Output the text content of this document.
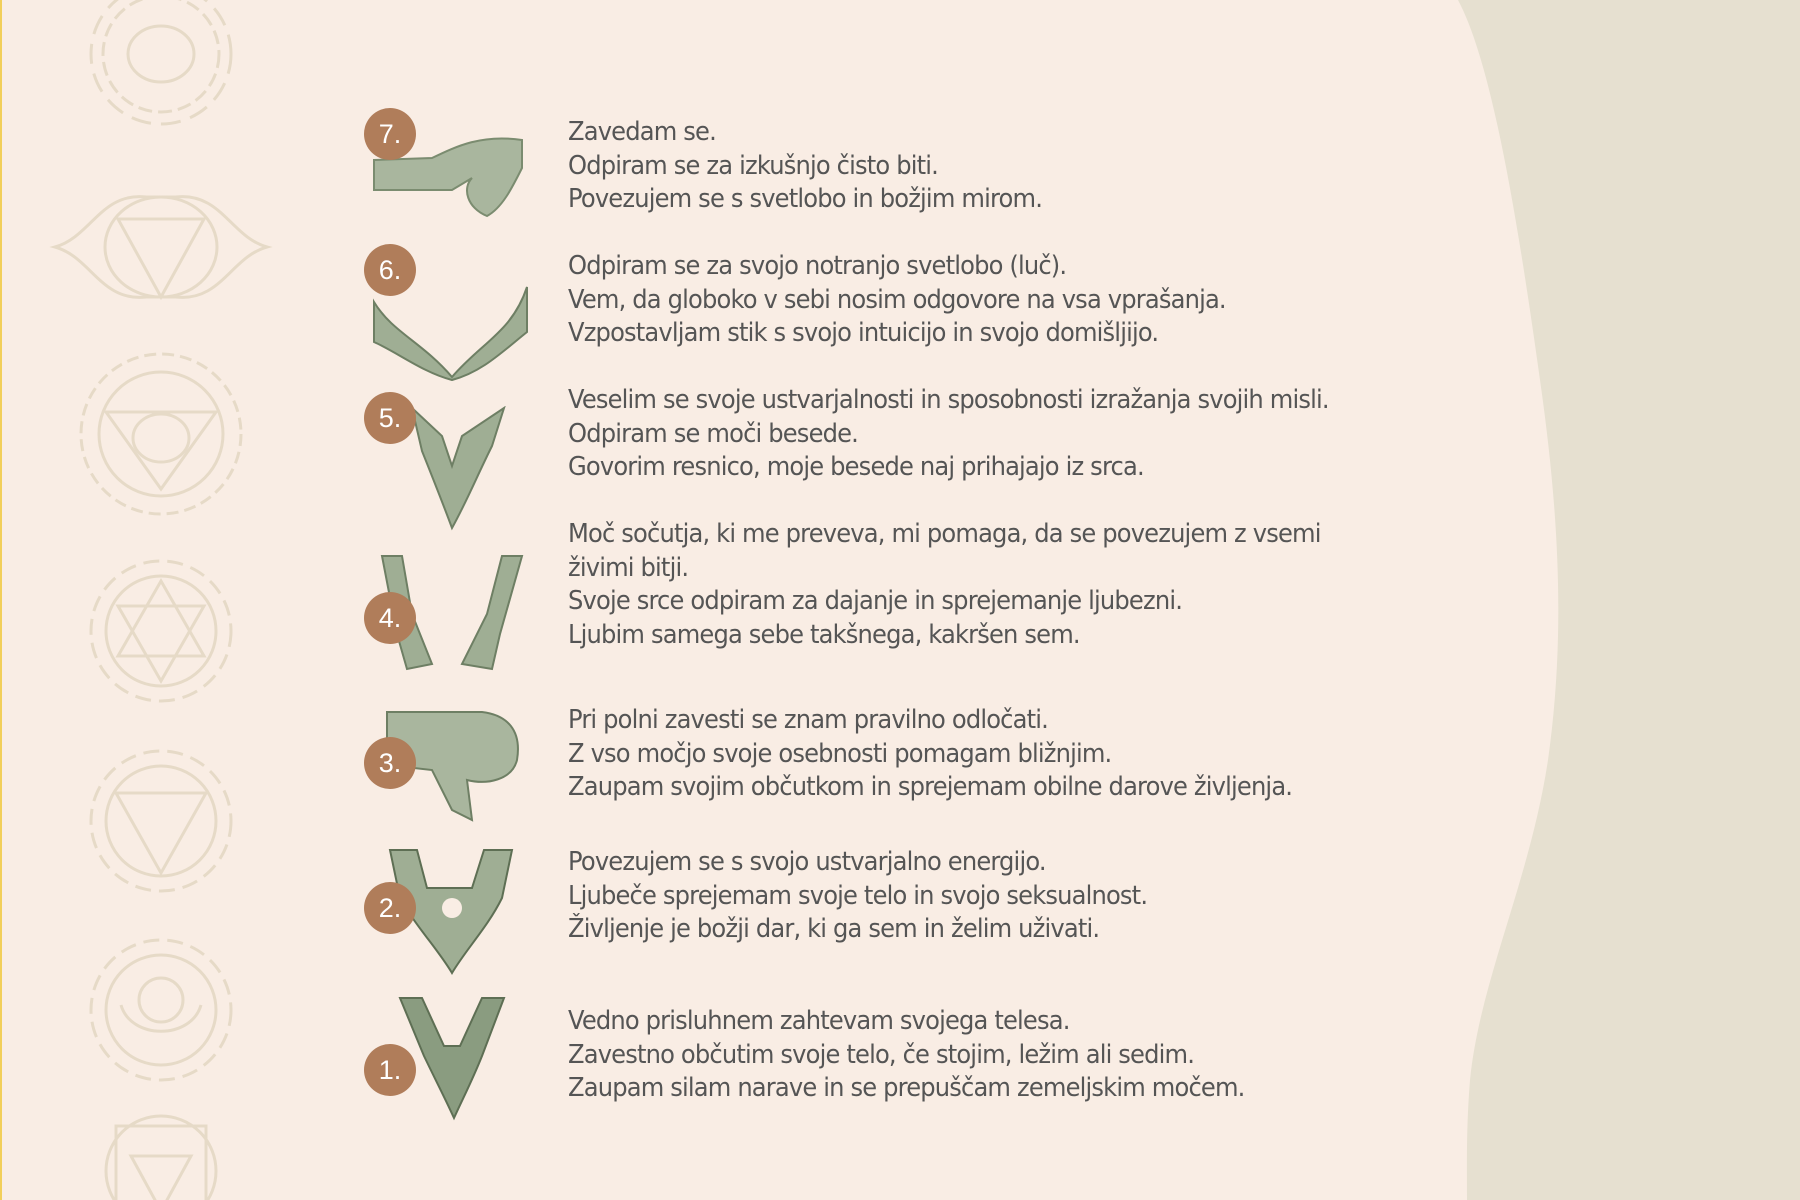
7.	Zavedam se.
Odpiram se za izkušnjo čisto biti.
Povezujem se s svetlobo in božjim mirom.
6.	Odpiram se za svojo notranjo svetlobo (luč).
Vem, da globoko v sebi nosim odgovore na vsa vprašanja.
Vzpostavljam stik s svojo intuicijo in svojo domišljijo.
5.
Veselim se svoje ustvarjalnosti in sposobnosti izražanja svojih misli.
Odpiram se moči besede.
Govorim resnico, moje besede naj prihajajo iz srca.
4.
Moč sočutja, ki me preveva, mi pomaga, da se povezujem z vsemi
živimi bitji.
Svoje srce odpiram za dajanje in sprejemanje ljubezni.
Ljubim samega sebe takšnega, kakršen sem.
3.
Pri polni zavesti se znam pravilno odločati.
Z vso močjo svoje osebnosti pomagam bližnjim.
Zaupam svojim občutkom in sprejemam obilne darove življenja.
2.
Povezujem se s svojo ustvarjalno energijo.
Ljubeče sprejemam svoje telo in svojo seksualnost.
Življenje je božji dar, ki ga sem in želim uživati.
1.
Vedno prisluhnem zahtevam svojega telesa.
Zavestno občutim svoje telo, če stojim, ležim ali sedim.
Zaupam silam narave in se prepuščam zemeljskim močem.
